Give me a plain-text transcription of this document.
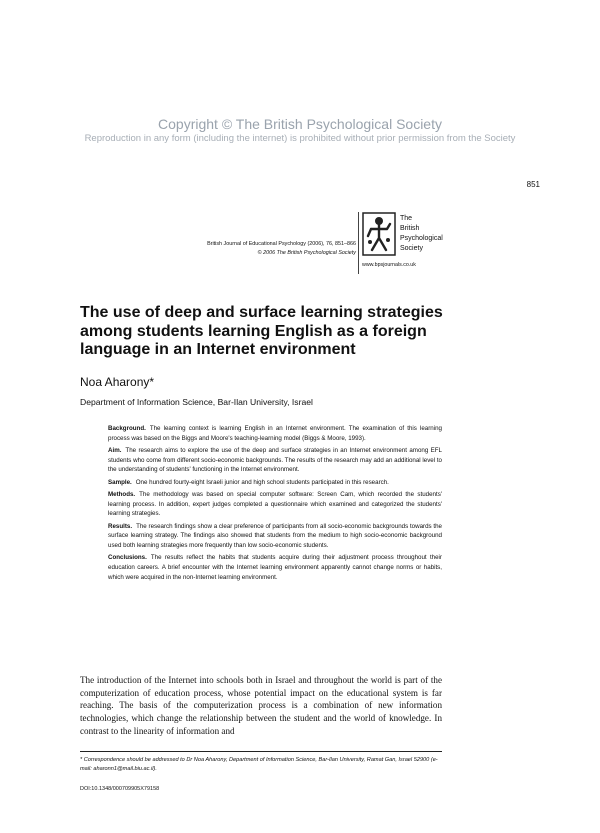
Copyright © The British Psychological Society
Reproduction in any form (including the internet) is prohibited without prior permission from the Society
851
British Journal of Educational Psychology (2006), 76, 851–866
© 2006 The British Psychological Society
The
British
Psychological
Society
www.bpsjournals.co.uk
The use of deep and surface learning strategies among students learning English as a foreign language in an Internet environment
Noa Aharony*
Department of Information Science, Bar-Ilan University, Israel

Background. The learning context is learning English in an Internet environment. The examination of this learning process was based on the Biggs and Moore's teaching-learning model (Biggs & Moore, 1993).

Aim. The research aims to explore the use of the deep and surface strategies in an Internet environment among EFL students who come from different socio-economic backgrounds. The results of the research may add an additional level to the understanding of students' functioning in the Internet environment.

Sample. One hundred fourty-eight Israeli junior and high school students participated in this research.

Methods. The methodology was based on special computer software: Screen Cam, which recorded the students' learning process. In addition, expert judges completed a questionnaire which examined and categorized the students' learning strategies.

Results. The research findings show a clear preference of participants from all socio-economic backgrounds towards the surface learning strategy. The findings also showed that students from the medium to high socio-economic background used both learning strategies more frequently than low socio-economic students.

Conclusions. The results reflect the habits that students acquire during their adjustment process throughout their education careers. A brief encounter with the Internet learning environment apparently cannot change norms or habits, which were acquired in the non-Internet learning environment.

The introduction of the Internet into schools both in Israel and throughout the world is part of the computerization of education process, whose potential impact on the educational system is far reaching. The basis of the computerization process is a combination of new information technologies, which change the relationship between the student and the world of knowledge. In contrast to the linearity of information and
* Correspondence should be addressed to Dr Noa Aharony, Department of Information Science, Bar-Ilan University, Ramat Gan, Israel 52900 (e-mail: aharonn1@mail.biu.ac.il).
DOI:10.1348/000709905X79158
